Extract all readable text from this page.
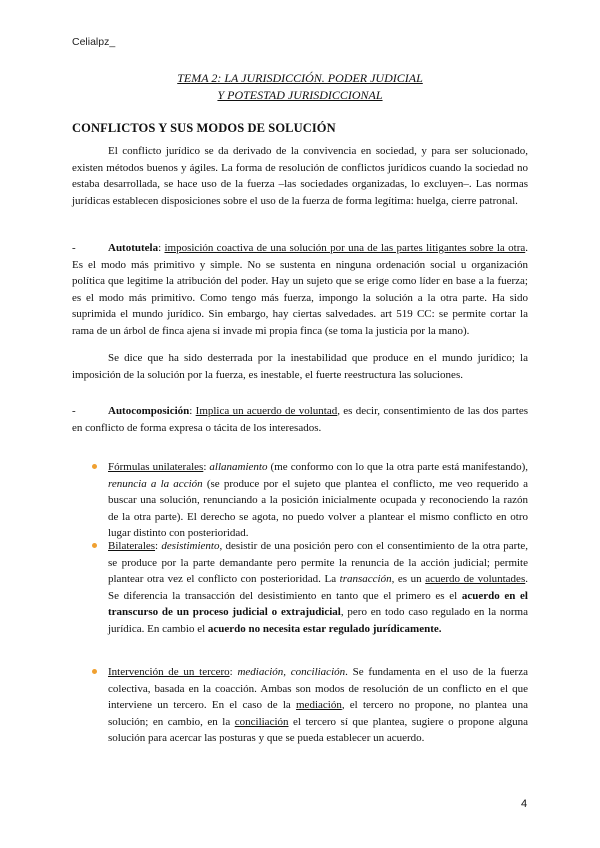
Celialpz_
TEMA 2: LA JURISDICCIÓN. PODER JUDICIAL
Y POTESTAD JURISDICCIONAL
CONFLICTOS Y SUS MODOS DE SOLUCIÓN

El conflicto jurídico se da derivado de la convivencia en sociedad, y para ser solucionado, existen métodos buenos y ágiles. La forma de resolución de conflictos jurídicos cuando la sociedad no estaba desarrollada, se hace uso de la fuerza –las sociedades organizadas, lo excluyen–. Las normas jurídicas establecen disposiciones sobre el uso de la fuerza de forma legítima: huelga, cierre patronal.

-	Autotutela: imposición coactiva de una solución por una de las partes litigantes sobre la otra. Es el modo más primitivo y simple. No se sustenta en ninguna ordenación social u organización política que legitime la atribución del poder. Hay un sujeto que se erige como líder en base a la fuerza; es el modo más primitivo. Como tengo más fuerza, impongo la solución a la otra parte. Ha sido suprimida el mundo jurídico. Sin embargo, hay ciertas salvedades. art 519 CC: se permite cortar la rama de un árbol de finca ajena si invade mi propia finca (se toma la justicia por la mano).

Se dice que ha sido desterrada por la inestabilidad que produce en el mundo jurídico; la imposición de la solución por la fuerza, es inestable, el fuerte reestructura las soluciones.

-	Autocomposición: Implica un acuerdo de voluntad, es decir, consentimiento de las dos partes en conflicto de forma expresa o tácita de los interesados.

Fórmulas unilaterales: allanamiento (me conformo con lo que la otra parte está manifestando), renuncia a la acción (se produce por el sujeto que plantea el conflicto, me veo requerido a buscar una solución, renunciando a la posición inicialmente ocupada y reconociendo la razón de la otra parte). El derecho se agota, no puedo volver a plantear el mismo conflicto en otro lugar distinto con posterioridad.
Bilaterales: desistimiento, desistir de una posición pero con el consentimiento de la otra parte, se produce por la parte demandante pero permite la renuncia de la acción judicial; permite plantear otra vez el conflicto con posterioridad. La transacción, es un acuerdo de voluntades. Se diferencia la transacción del desistimiento en tanto que el primero es el acuerdo en el transcurso de un proceso judicial o extrajudicial, pero en todo caso regulado en la norma jurídica. En cambio el acuerdo no necesita estar regulado jurídicamente.
Intervención de un tercero: mediación, conciliación. Se fundamenta en el uso de la fuerza colectiva, basada en la coacción. Ambas son modos de resolución de un conflicto en el que interviene un tercero. En el caso de la mediación, el tercero no propone, no plantea una solución; en cambio, en la conciliación el tercero sí que plantea, sugiere o propone alguna solución para acercar las posturas y que se pueda establecer un acuerdo.
4
